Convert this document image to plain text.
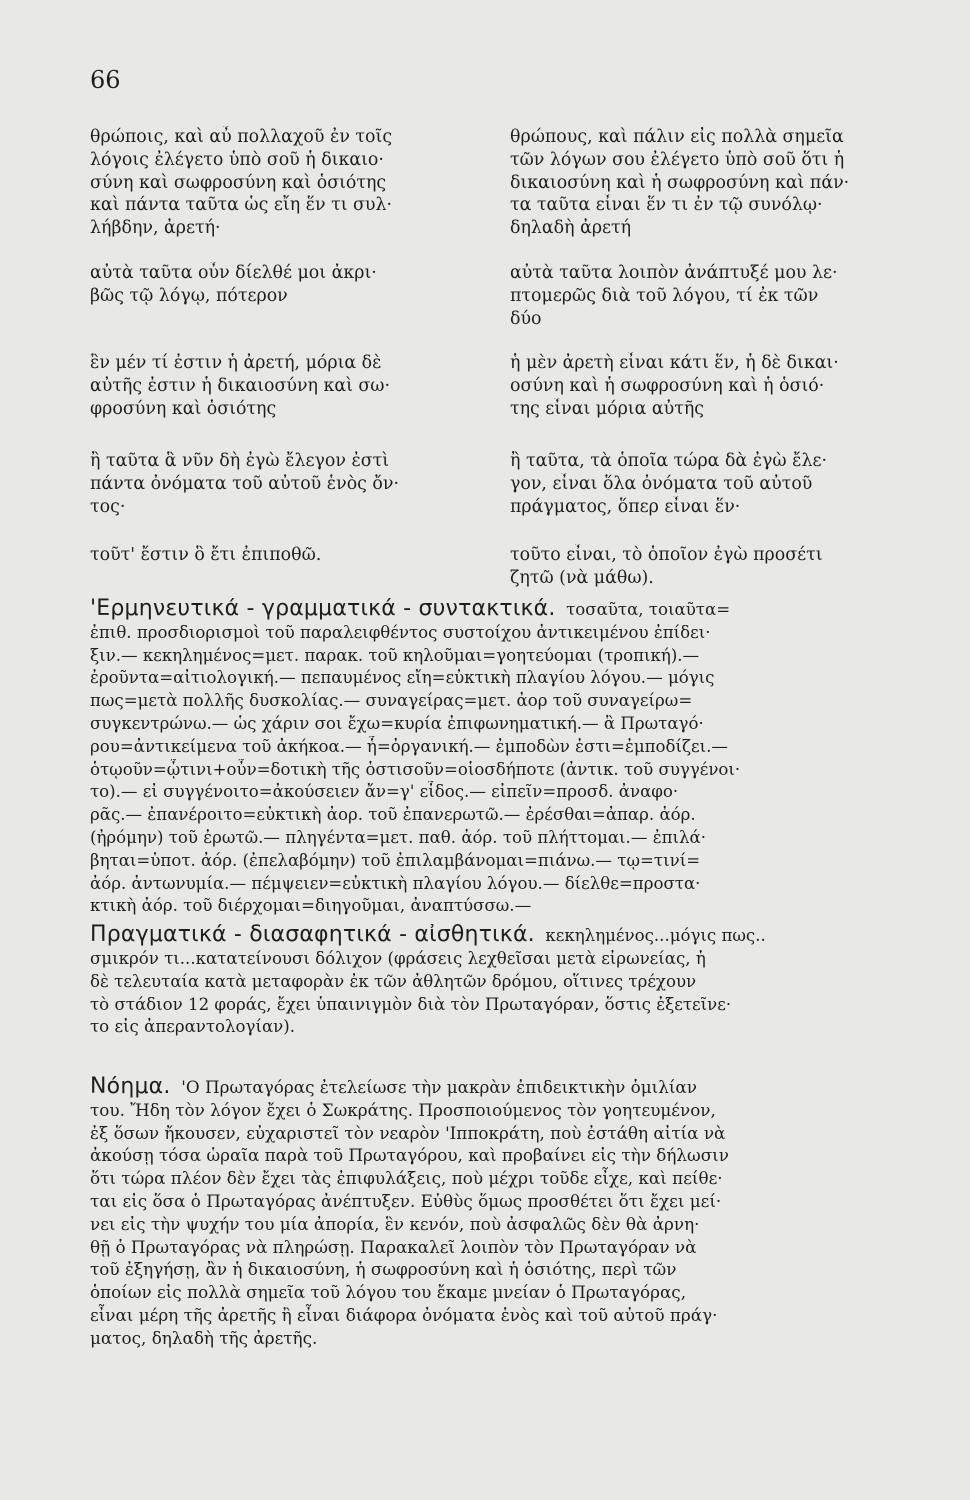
66
θρώποις, καὶ αὖ πολλαχοῦ ἐν τοῖς
λόγοις ἐλέγετο ὑπὸ σοῦ ἡ δικαιο·
σύνη καὶ σωφροσύνη καὶ ὁσιότης
καὶ πάντα ταῦτα ὡς εἴη ἕν τι συλ·
λήβδην, ἀρετή·
θρώπους, καὶ πάλιν εἰς πολλὰ σημεῖα
τῶν λόγων σου ἐλέγετο ὑπὸ σοῦ ὅτι ἡ
δικαιοσύνη καὶ ἡ σωφροσύνη καὶ πάν·
τα ταῦτα εἶναι ἕν τι ἐν τῷ συνόλῳ·
δηλαδὴ ἀρετή
αὐτὰ ταῦτα οὖν δίελθέ μοι ἀκρι·
βῶς τῷ λόγῳ, πότερον
αὐτὰ ταῦτα λοιπὸν ἀνάπτυξέ μου λε·
πτομερῶς διὰ τοῦ λόγου, τί ἐκ τῶν
δύο
ἓν μέν τί ἐστιν ἡ ἀρετή, μόρια δὲ
αὐτῆς ἐστιν ἡ δικαιοσύνη καὶ σω·
φροσύνη καὶ ὁσιότης
ἡ μὲν ἀρετὴ εἶναι κάτι ἕν, ἡ δὲ δικαι·
οσύνη καὶ ἡ σωφροσύνη καὶ ἡ ὁσιό·
της εἶναι μόρια αὐτῆς
ἢ ταῦτα ἃ νῦν δὴ ἐγὼ ἔλεγον ἐστὶ
πάντα ὀνόματα τοῦ αὐτοῦ ἑνὸς ὄν·
τος·
ἢ ταῦτα, τὰ ὁποῖα τώρα δὰ ἐγὼ ἔλε·
γον, εἶναι ὅλα ὀνόματα τοῦ αὐτοῦ
πράγματος, ὅπερ εἶναι ἕν·
τοῦτ' ἔστιν ὃ ἔτι ἐπιποθῶ.	τοῦτο εἶναι, τὸ ὁποῖον ἐγὼ προσέτι
ζητῶ (νὰ μάθω).
'Ερμηνευτικά - γραμματικά - συντακτικά. τοσαῦτα, τοιαῦτα=
ἐπιθ. προσδιορισμοὶ τοῦ παραλειφθέντος συστοίχου ἀντικειμένου ἐπίδει·
ξιν.— κεκηλημένος=μετ. παρακ. τοῦ κηλοῦμαι=γοητεύομαι (τροπική).—
ἐροῦντα=αἰτιολογική.— πεπαυμένος εἴη=εὐκτικὴ πλαγίου λόγου.— μόγις
πως=μετὰ πολλῆς δυσκολίας.— συναγείρας=μετ. ἀορ τοῦ συναγείρω=
συγκεντρώνω.— ὡς χάριν σοι ἔχω=κυρία ἐπιφωνηματική.— ἃ Πρωταγό·
ρου=ἀντικείμενα τοῦ ἀκήκοα.— ἧ=ὀργανική.— ἐμποδὼν ἐστι=ἐμποδίζει.—
ὁτῳοῦν=ᾧτινι+οὖν=δοτικὴ τῆς ὁστισοῦν=οἱοσδήποτε (ἀντικ. τοῦ συγγένοι·
το).— εἰ συγγένοιτο=ἀκούσειεν ἄν=γ' εἶδος.— εἰπεῖν=προσδ. ἀναφο·
ρᾶς.— ἐπανέροιτο=εὐκτικὴ ἀορ. τοῦ ἐπανερωτῶ.— ἐρέσθαι=ἀπαρ. ἀόρ.
(ἠρόμην) τοῦ ἐρωτῶ.— πληγέντα=μετ. παθ. ἀόρ. τοῦ πλήττομαι.— ἐπιλά·
βηται=ὑποτ. ἀόρ. (ἐπελαβόμην) τοῦ ἐπιλαμβάνομαι=πιάνω.— τῳ=τινί=
ἀόρ. ἀντωνυμία.— πέμψειεν=εὐκτικὴ πλαγίου λόγου.— δίελθε=προστα·
κτικὴ ἀόρ. τοῦ διέρχομαι=διηγοῦμαι, ἀναπτύσσω.—
Πραγματικά - διασαφητικά - αἰσθητικά. κεκηλημένος...μόγις πως..
σμικρόν τι...κατατείνουσι δόλιχον (φράσεις λεχθεῖσαι μετὰ εἰρωνείας, ἡ
δὲ τελευταία κατὰ μεταφορὰν ἐκ τῶν ἀθλητῶν δρόμου, οἵτινες τρέχουν
τὸ στάδιον 12 φοράς, ἔχει ὑπαινιγμὸν διὰ τὸν Πρωταγόραν, ὅστις ἐξετεῖνε·
το εἰς ἀπεραντολογίαν).
Νόημα. 'Ο Πρωταγόρας ἐτελείωσε τὴν μακρὰν ἐπιδεικτικὴν ὁμιλίαν
του. Ἤδη τὸν λόγον ἔχει ὁ Σωκράτης. Προσποιούμενος τὸν γοητευμένον,
ἐξ ὅσων ἤκουσεν, εὐχαριστεῖ τὸν νεαρὸν 'Ιπποκράτη, ποὺ ἐστάθη αἰτία νὰ
ἀκούσῃ τόσα ὡραῖα παρὰ τοῦ Πρωταγόρου, καὶ προβαίνει εἰς τὴν δήλωσιν
ὅτι τώρα πλέον δὲν ἔχει τὰς ἐπιφυλάξεις, ποὺ μέχρι τοῦδε εἶχε, καὶ πείθε·
ται εἰς ὅσα ὁ Πρωταγόρας ἀνέπτυξεν. Εὐθὺς ὅμως προσθέτει ὅτι ἔχει μεί·
νει εἰς τὴν ψυχήν του μία ἀπορία, ἓν κενόν, ποὺ ἀσφαλῶς δὲν θὰ ἀρνη·
θῇ ὁ Πρωταγόρας νὰ πληρώσῃ. Παρακαλεῖ λοιπὸν τὸν Πρωταγόραν νὰ
τοῦ ἐξηγήσῃ, ἂν ἡ δικαιοσύνη, ἡ σωφροσύνη καὶ ἡ ὁσιότης, περὶ τῶν
ὁποίων εἰς πολλὰ σημεῖα τοῦ λόγου του ἔκαμε μνείαν ὁ Πρωταγόρας,
εἶναι μέρη τῆς ἀρετῆς ἢ εἶναι διάφορα ὀνόματα ἑνὸς καὶ τοῦ αὐτοῦ πράγ·
ματος, δηλαδὴ τῆς ἀρετῆς.
